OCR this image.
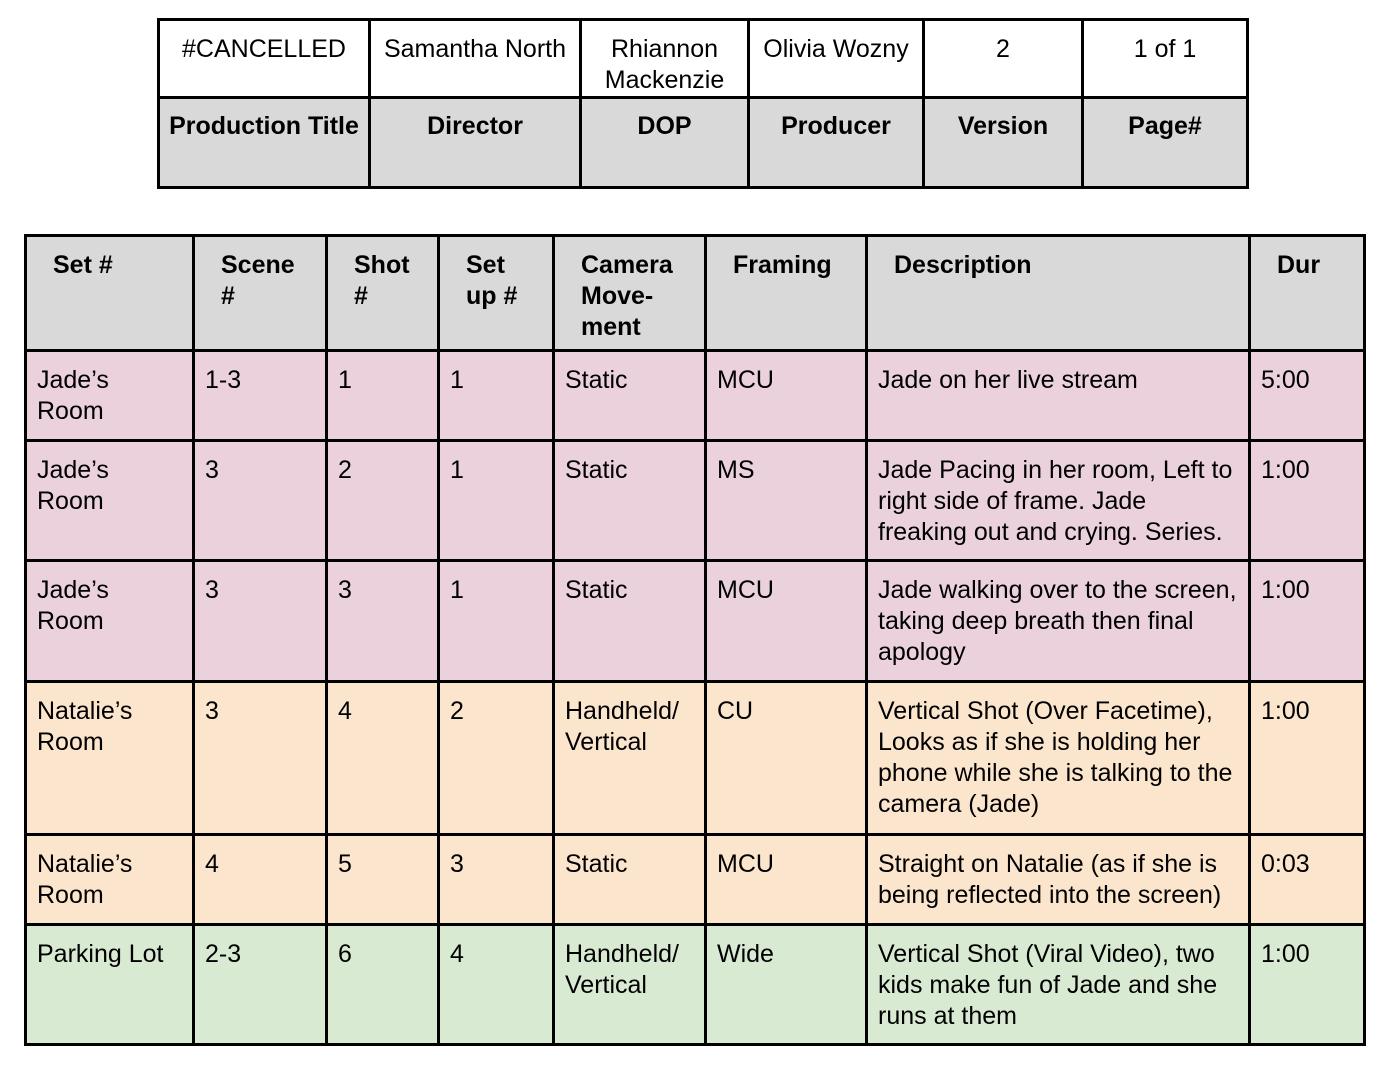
#CANCELLED	Samantha North	Rhiannon Mackenzie	Olivia Wozny	2	1 of 1
Production Title	Director	DOP	Producer	Version	Page#
Set #	Scene #	Shot #	Set up #	Camera Move-ment	Framing	Description	Dur
Jade’s Room	1-3	1	1	Static	MCU	Jade on her live stream	5:00
Jade’s Room	3	2	1	Static	MS	Jade Pacing in her room, Left to right side of frame. Jade freaking out and crying. Series.	1:00
Jade’s Room	3	3	1	Static	MCU	Jade walking over to the screen, taking deep breath then final apology	1:00
Natalie’s Room	3	4	2	Handheld/ Vertical	CU	Vertical Shot (Over Facetime), Looks as if she is holding her phone while she is talking to the camera (Jade)	1:00
Natalie’s Room	4	5	3	Static	MCU	Straight on Natalie (as if she is being reflected into the screen)	0:03
Parking Lot	2-3	6	4	Handheld/ Vertical	Wide	Vertical Shot (Viral Video), two kids make fun of Jade and she runs at them	1:00
